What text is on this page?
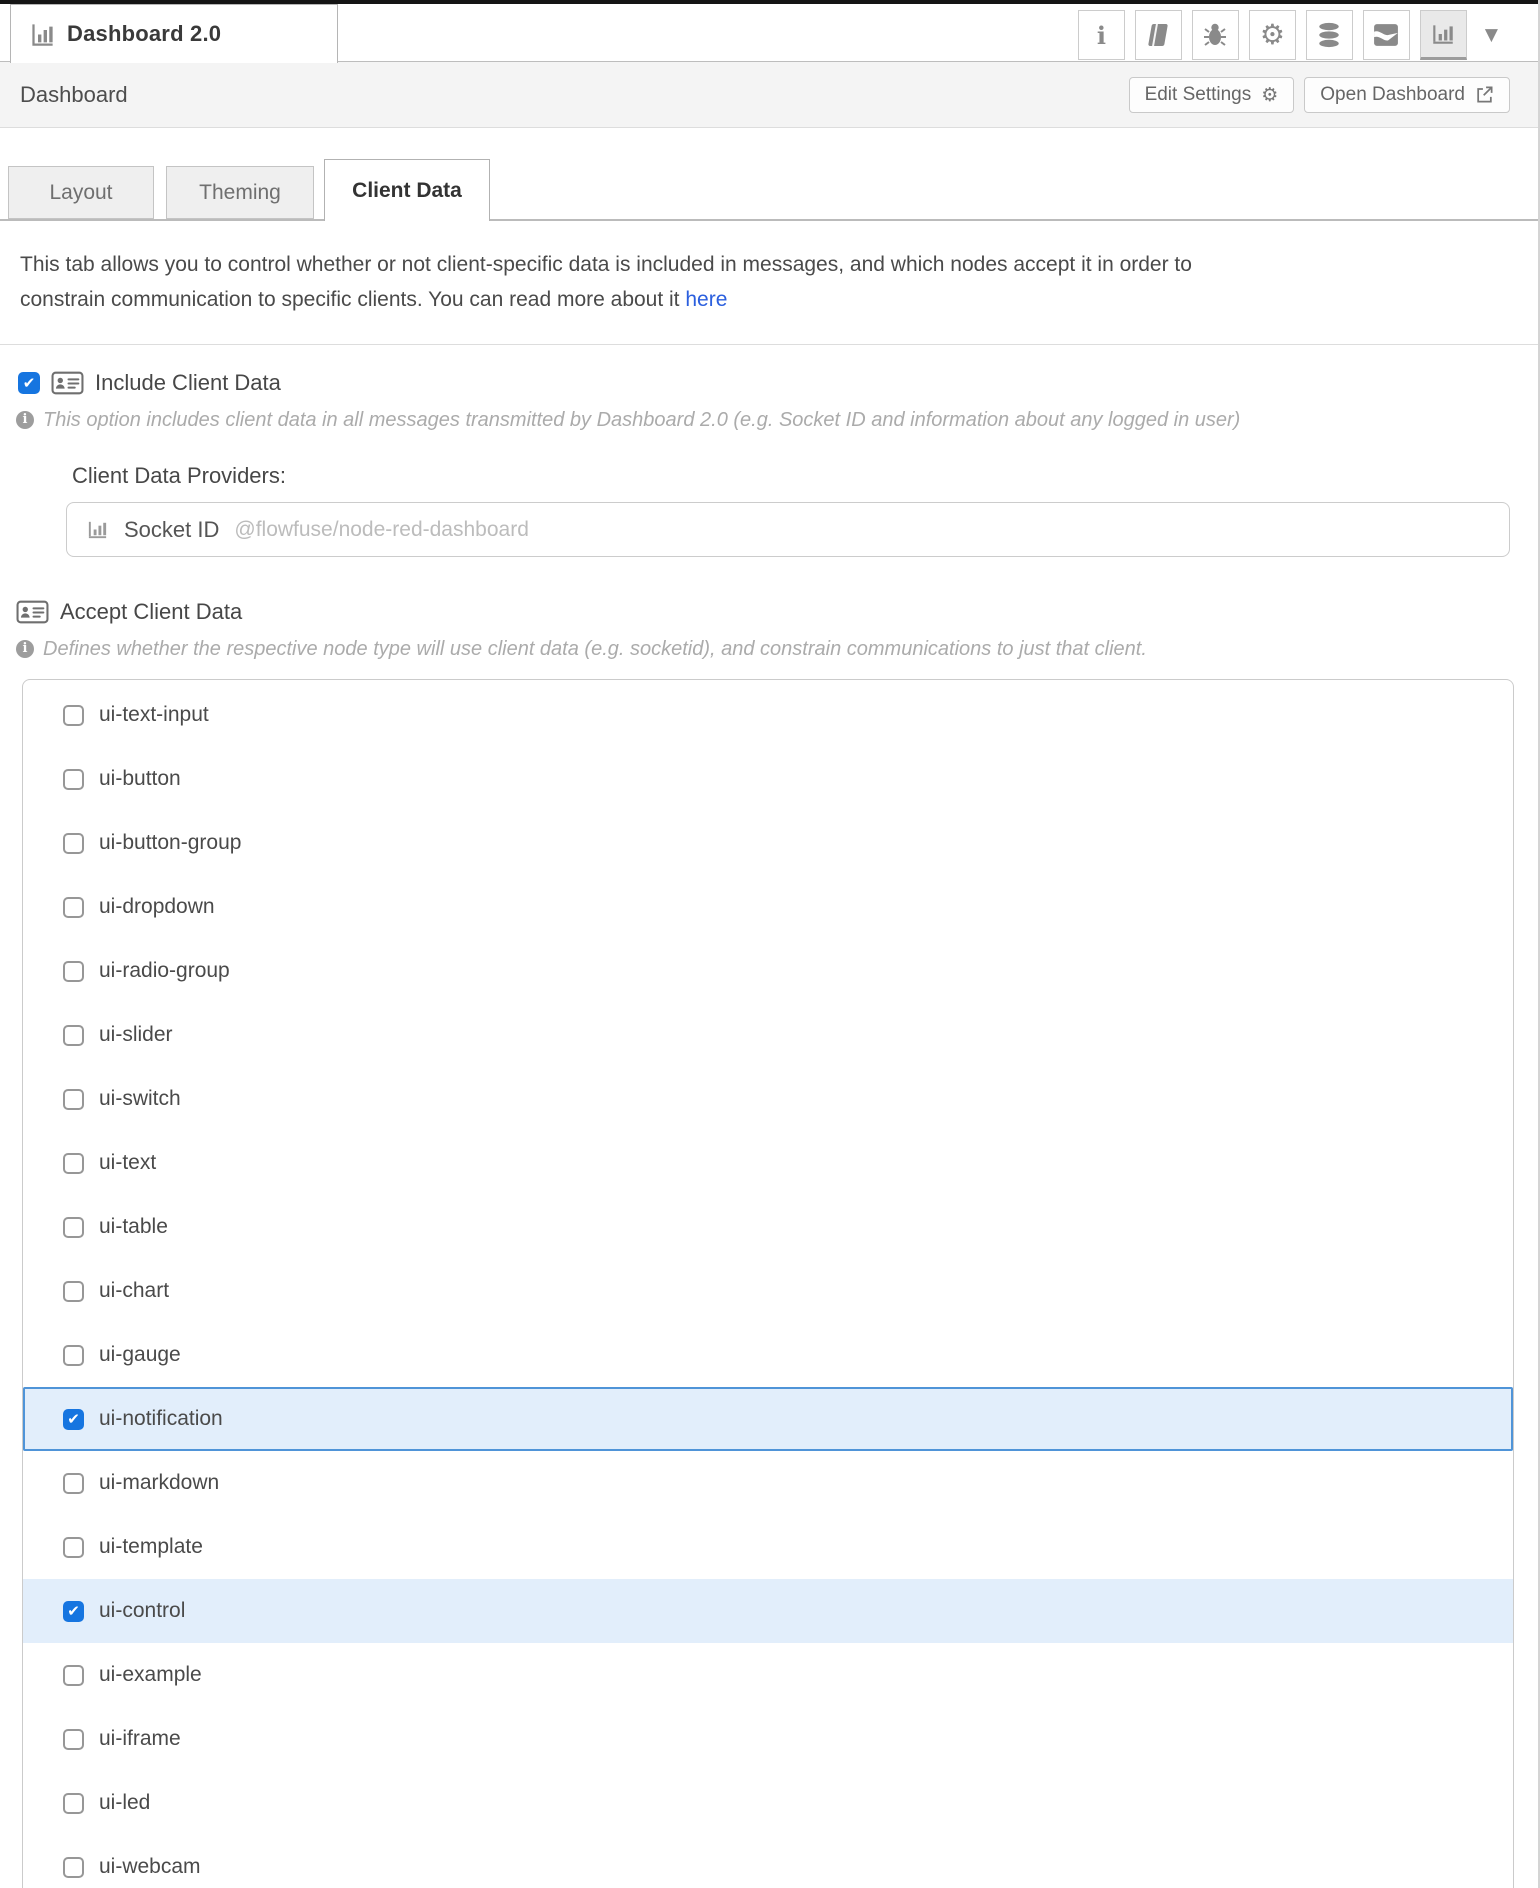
Dashboard 2.0	i	⚙	▼
Dashboard	Edit Settings ⚙ Open Dashboard
Layout	Theming	Client Data

This tab allows you to control whether or not client-specific data is included in messages, and which nodes accept it in order to constrain communication to specific clients. You can read more about it here

✔	Include Client Data
i This option includes client data in all messages transmitted by Dashboard 2.0 (e.g. Socket ID and information about any logged in user)
Client Data Providers:
Socket ID @flowfuse/node-red-dashboard
Accept Client Data
i Defines whether the respective node type will use client data (e.g. socketid), and constrain communications to just that client.
ui-text-input
ui-button
ui-button-group
ui-dropdown
ui-radio-group
ui-slider
ui-switch
ui-text
ui-table
ui-chart
ui-gauge
✔ ui-notification
ui-markdown
ui-template
✔ ui-control
ui-example
ui-iframe
ui-led
ui-webcam
